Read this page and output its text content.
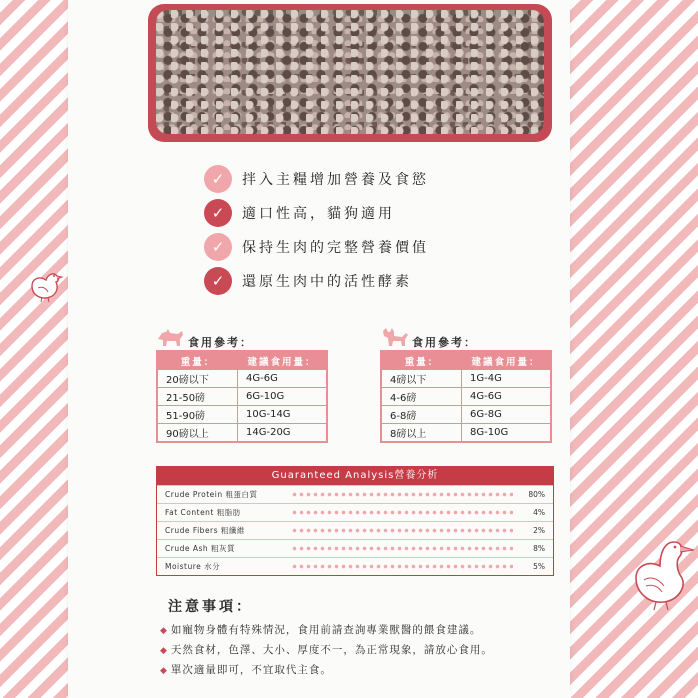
✓	拌入主糧增加營養及食慾
✓	適口性高，貓狗適用
✓	保持生肉的完整營養價值
✓	還原生肉中的活性酵素
食用參考：
重量：	建議食用量：
20磅以下	4G-6G
21-50磅	6G-10G
51-90磅	10G-14G
90磅以上	14G-20G
食用參考：
重量：	建議食用量：
4磅以下	1G-4G
4-6磅	4G-6G
6-8磅	6G-8G
8磅以上	8G-10G
Guaranteed Analysis營養分析
Crude Protein 粗蛋白質	80%
Fat Content 粗脂肪	4%
Crude Fibers 粗纖維	2%
Crude Ash 粗灰質	8%
Moisture 水分	5%
注意事項：
◆ 如寵物身體有特殊情況，食用前請查詢專業獸醫的餵食建議。
◆ 天然食材，色澤、大小、厚度不一，為正常現象，請放心食用。
◆ 單次適量即可，不宜取代主食。
